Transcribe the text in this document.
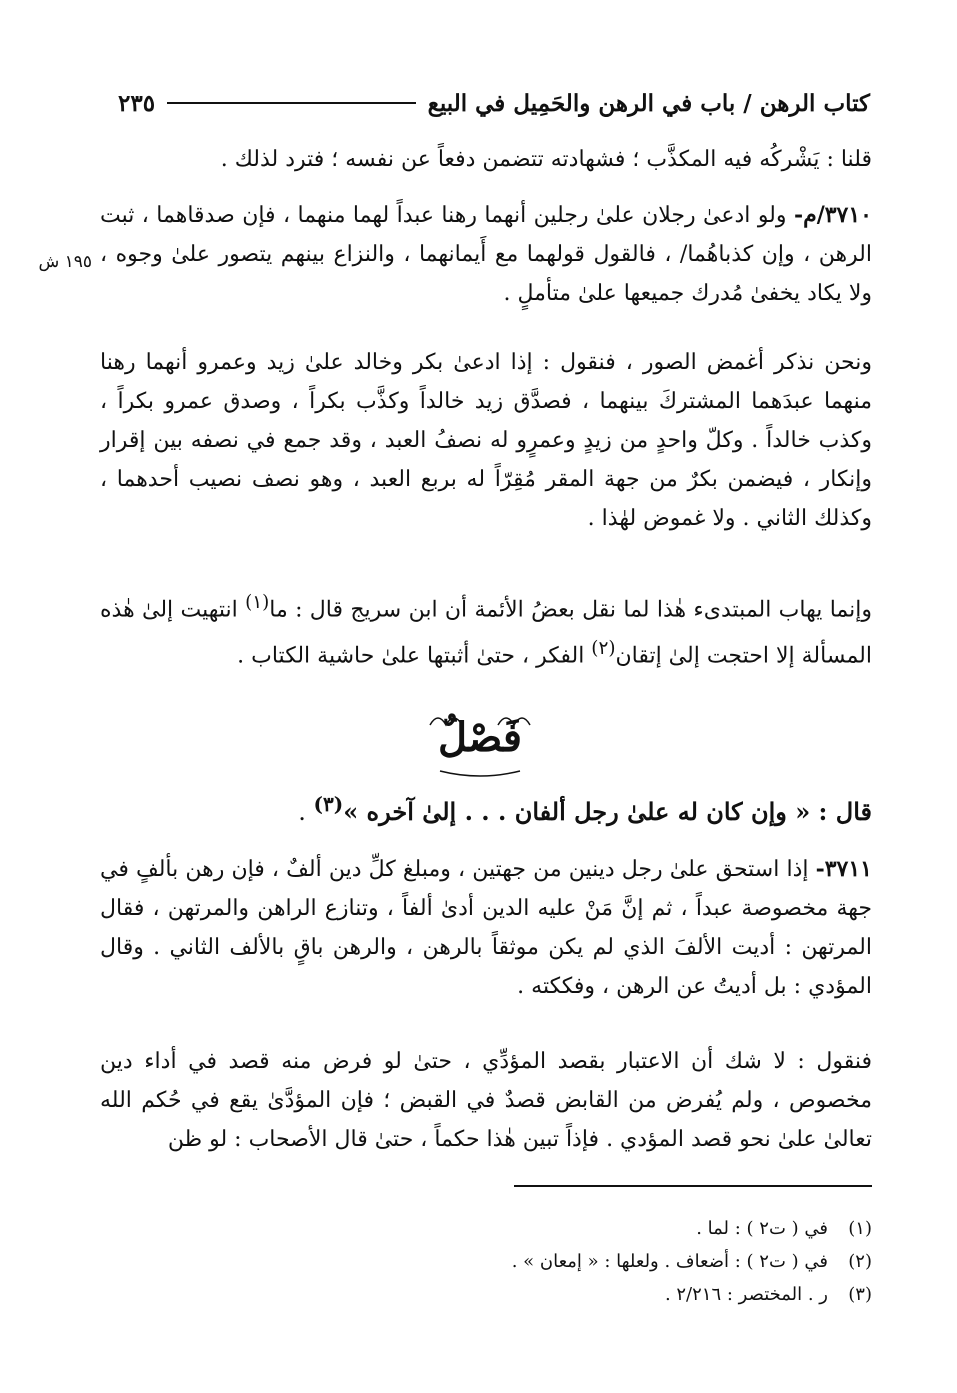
كتاب الرهن / باب في الرهن والحَمِيل في البيع
٢٣٥
قلنا : يَشْركُه فيه المكذَّب ؛ فشهادته تتضمن دفعاً عن نفسه ؛ فترد لذلك .
٣٧١٠/م- ولو ادعىٰ رجلان علىٰ رجلين أنهما رهنا عبداً لهما منهما ، فإن صدقاهما ، ثبت الرهن ، وإن كذباهُما/ ، فالقول قولهما مع أَيمانهما ، والنزاع بينهم يتصور علىٰ وجوه ، ولا يكاد يخفىٰ مُدرك جميعها علىٰ متأملٍ .
١٩٥ ش
ونحن نذكر أغمض الصور ، فنقول : إذا ادعىٰ بكر وخالد علىٰ زيد وعمرو أنهما رهنا منهما عبدَهما المشتركَ بينهما ، فصدَّق زيد خالداً وكذَّب بكراً ، وصدق عمرو بكراً ، وكذب خالداً . وكلّ واحدٍ من زيدٍ وعمرٍو له نصفُ العبد ، وقد جمع في نصفه بين إقرار وإنكار ، فيضمن بكرٌ من جهة المقر مُقِرّاً له بربع العبد ، وهو نصف نصيب أحدهما ، وكذلك الثاني . ولا غموض لهٰذا .
وإنما يهاب المبتدىء هٰذا لما نقل بعضُ الأئمة أن ابن سريج قال : ما$^{(١)}$ انتهيت إلىٰ هٰذه المسألة إلا احتجت إلىٰ إتقان$^{(٢)}$ الفكر ، حتىٰ أثبتها علىٰ حاشية الكتاب .
فَصْلٌ
قال : « وإن كان له علىٰ رجل ألفان . . . إلىٰ آخره »$^{(٣)}$ .
٣٧١١- إذا استحق علىٰ رجل دينين من جهتين ، ومبلغ كلِّ دين ألفٌ ، فإن رهن بألفٍ في جهة مخصوصة عبداً ، ثم إنَّ مَنْ عليه الدين أدىٰ ألفاً ، وتنازع الراهن والمرتهن ، فقال المرتهن : أديت الألفَ الذي لم يكن موثقاً بالرهن ، والرهن باقٍ بالألف الثاني . وقال المؤدي : بل أديتُ عن الرهن ، وفككته .
فنقول : لا شك أن الاعتبار بقصد المؤدِّي ، حتىٰ لو فرض منه قصد في أداء دين مخصوص ، ولم يُفرض من القابض قصدٌ في القبض ؛ فإن المؤدَّىٰ يقع في حُكم الله تعالىٰ علىٰ نحو قصد المؤدي . فإذاً تبين هٰذا حكماً ، حتىٰ قال الأصحاب : لو ظن
(١)
في ( ت٢ ) : لما .
(٢)
في ( ت٢ ) : أضعاف . ولعلها : « إمعان » .
(٣)
ر . المختصر : ٢/٢١٦ .
